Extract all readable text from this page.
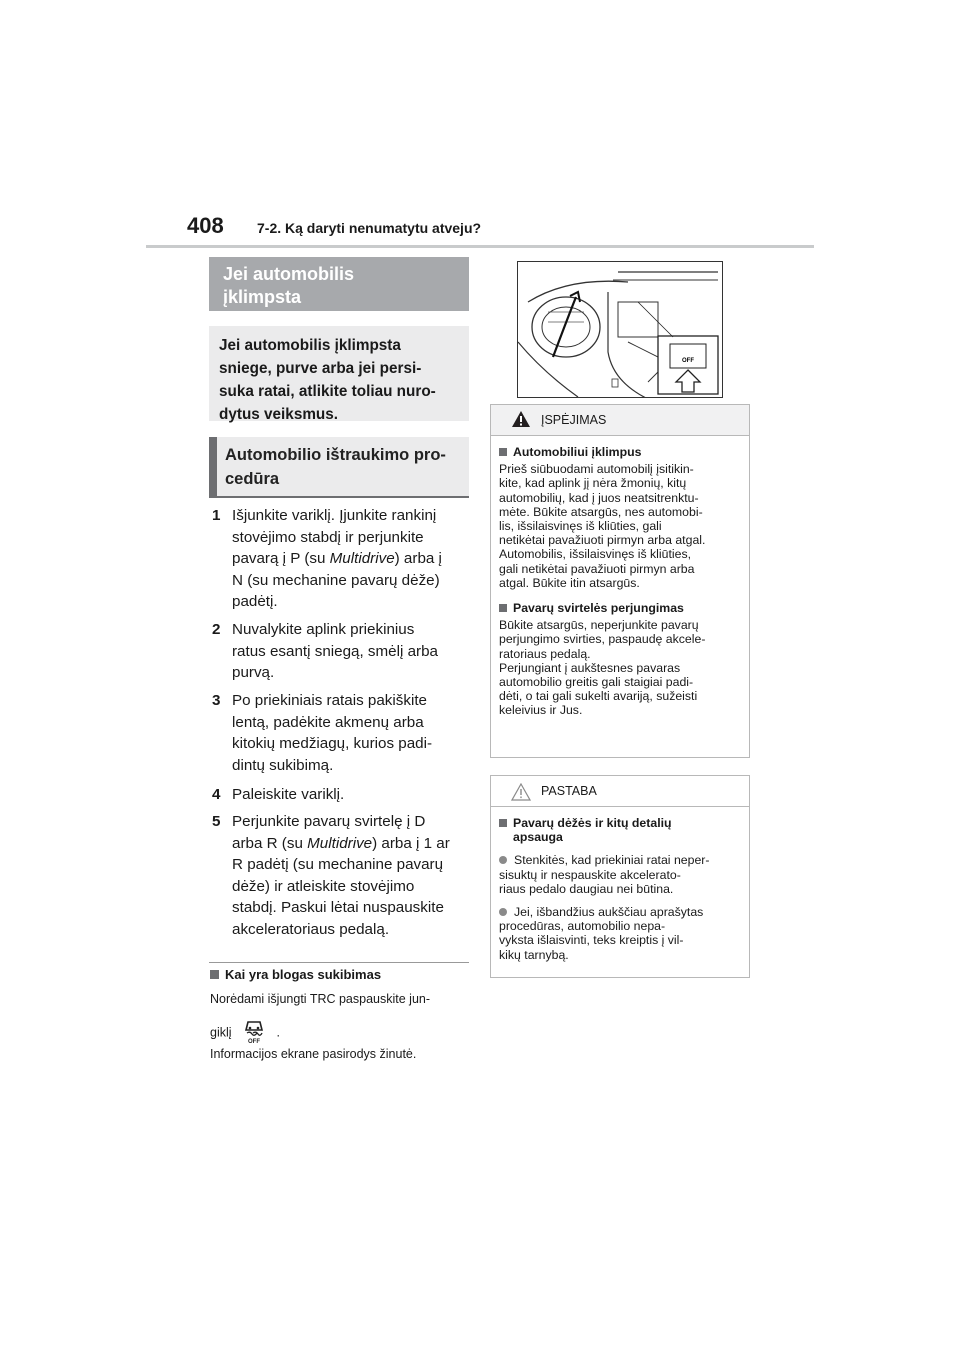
408 7-2. Ką daryti nenumatytu atveju?
Jei automobilis
įklimpsta
Jei automobilis įklimpsta
sniege, purve arba jei persi-
suka ratai, atlikite toliau nuro-
dytus veiksmus.
Automobilio ištraukimo pro-
cedūra
1 Išjunkite variklį. Įjunkite rankinį
stovėjimo stabdį ir perjunkite
pavarą į P (su Multidrive) arba į
N (su mechanine pavarų dėže)
padėtį.
2 Nuvalykite aplink priekinius
ratus esantį sniegą, smėlį arba
purvą.
3 Po priekiniais ratais pakiškite
lentą, padėkite akmenų arba
kitokių medžiagų, kurios padi-
dintų sukibimą.
4 Paleiskite variklį.
5 Perjunkite pavarų svirtelę į D
arba R (su Multidrive) arba į 1 ar
R padėtį (su mechanine pavarų
dėže) ir atleiskite stovėjimo
stabdį. Paskui lėtai nuspauskite
akceleratoriaus pedalą.
Kai yra blogas sukibimas
Norėdami išjungti TRC paspauskite jun-
giklį
OFF
.
Informacijos ekrane pasirodys žinutė.
OFF
ĮSPĖJIMAS
Automobiliui įklimpus
Prieš siūbuodami automobilį įsitikin-
kite, kad aplink jį nėra žmonių, kitų
automobilių, kad į juos neatsitrenktu-
mėte. Būkite atsargūs, nes automobi-
lis, išsilaisvinęs iš kliūties, gali
netikėtai pavažiuoti pirmyn arba atgal.
Automobilis, išsilaisvinęs iš kliūties,
gali netikėtai pavažiuoti pirmyn arba
atgal. Būkite itin atsargūs.
Pavarų svirtelės perjungimas
Būkite atsargūs, neperjunkite pavarų
perjungimo svirties, paspaudę akcele-
ratoriaus pedalą.
Perjungiant į aukštesnes pavaras
automobilio greitis gali staigiai padi-
dėti, o tai gali sukelti avariją, sužeisti
keleivius ir Jus.
PASTABA
Pavarų dėžės ir kitų detalių
apsauga
Stenkitės, kad priekiniai ratai neper-
sisuktų ir nespauskite akcelerato-
riaus pedalo daugiau nei būtina.
Jei, išbandžius aukščiau aprašytas
procedūras, automobilio nepa-
vyksta išlaisvinti, teks kreiptis į vil-
kikų tarnybą.
